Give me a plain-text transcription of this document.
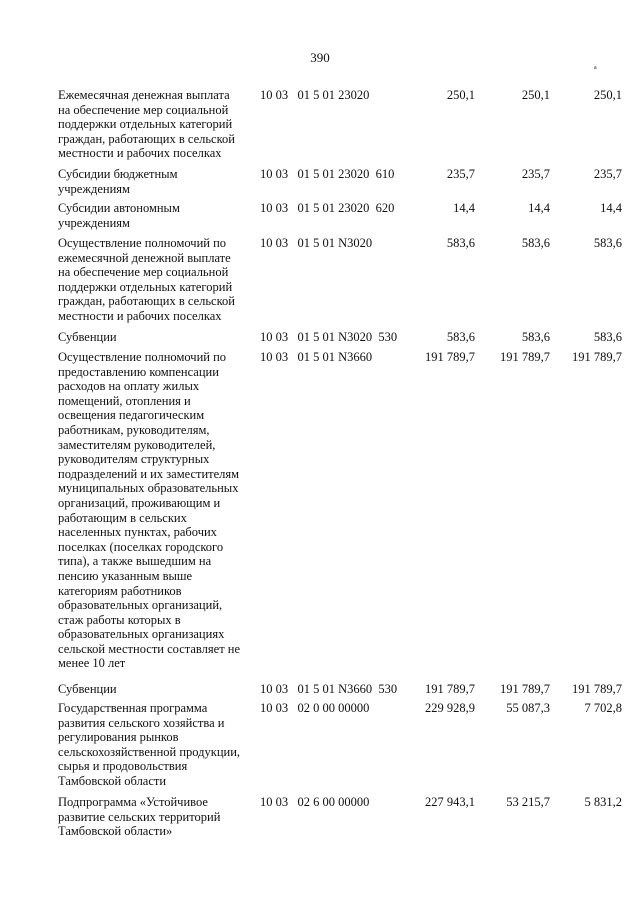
390
a
Ежемесячная денежная выплата
на обеспечение мер социальной
поддержки отдельных категорий
граждан, работающих в сельской
местности и рабочих поселках
10 03   01 5 01 23020	250,1	250,1	250,1
Субсидии бюджетным
учреждениям
10 03   01 5 01 23020  610	235,7	235,7	235,7
Субсидии автономным
учреждениям
10 03   01 5 01 23020  620	14,4	14,4	14,4
Осуществление полномочий по
ежемесячной денежной выплате
на обеспечение мер социальной
поддержки отдельных категорий
граждан, работающих в сельской
местности и рабочих поселках
10 03   01 5 01 N3020	583,6	583,6	583,6
Субвенции	10 03   01 5 01 N3020  530	583,6	583,6	583,6
Осуществление полномочий по
предоставлению компенсации
расходов на оплату жилых
помещений, отопления и
освещения педагогическим
работникам, руководителям,
заместителям руководителей,
руководителям структурных
подразделений и их заместителям
муниципальных образовательных
организаций, проживающим и
работающим в сельских
населенных пунктах, рабочих
поселках (поселках городского
типа), а также вышедшим на
пенсию указанным выше
категориям работников
образовательных организаций,
стаж работы которых в
образовательных организациях
сельской местности составляет не
менее 10 лет
10 03   01 5 01 N3660	191 789,7	191 789,7	191 789,7
Субвенции	10 03   01 5 01 N3660  530	191 789,7	191 789,7	191 789,7
Государственная программа
развития сельского хозяйства и
регулирования рынков
сельскохозяйственной продукции,
сырья и продовольствия
Тамбовской области
10 03   02 0 00 00000	229 928,9	55 087,3	7 702,8
Подпрограмма «Устойчивое
развитие сельских территорий
Тамбовской области»
10 03   02 6 00 00000	227 943,1	53 215,7	5 831,2
